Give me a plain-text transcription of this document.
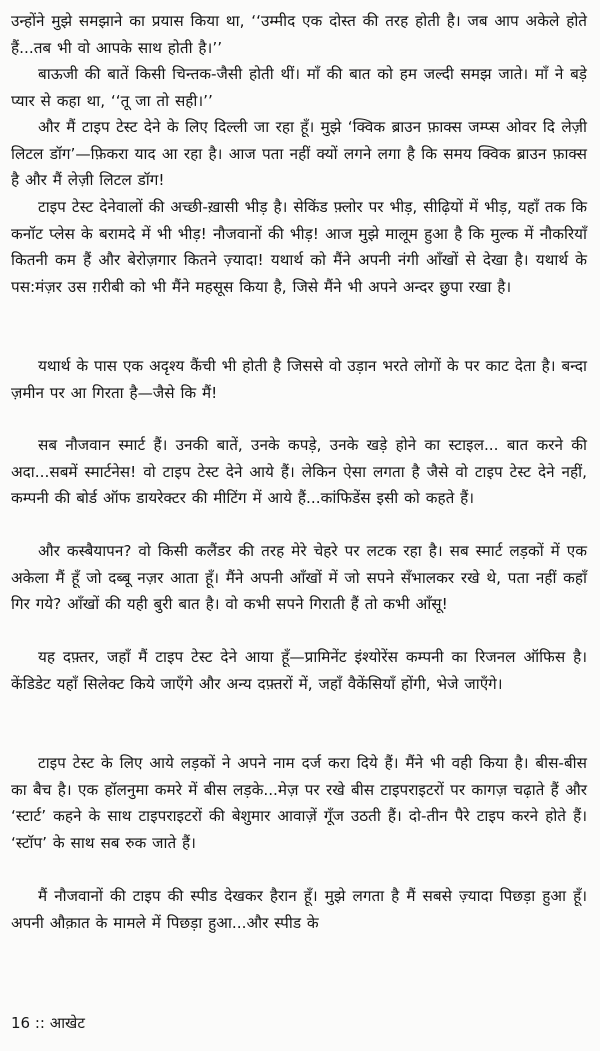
उन्होंने मुझे समझाने का प्रयास किया था, ‘‘उम्मीद एक दोस्त की तरह होती है। जब आप अकेले होते हैं...तब भी वो आपके साथ होती है।’’

बाऊजी की बातें किसी चिन्तक-जैसी होती थीं। माँ की बात को हम जल्दी समझ जाते। माँ ने बड़े प्यार से कहा था, ‘‘तू जा तो सही।’’

और मैं टाइप टेस्ट देने के लिए दिल्ली जा रहा हूँ। मुझे ‘क्विक ब्राउन फ़ाक्स जम्प्स ओवर दि लेज़ी लिटल डॉग’—फ़िकरा याद आ रहा है। आज पता नहीं क्यों लगने लगा है कि समय क्विक ब्राउन फ़ाक्स है और मैं लेज़ी लिटल डॉग!

टाइप टेस्ट देनेवालों की अच्छी-ख़ासी भीड़ है। सेकिंड फ़्लोर पर भीड़, सीढ़ियों में भीड़, यहाँ तक कि कनॉट प्लेस के बरामदे में भी भीड़! नौजवानों की भीड़! आज मुझे मालूम हुआ है कि मुल्क में नौकरियाँ कितनी कम हैं और बेरोज़गार कितने ज़्यादा! यथार्थ को मैंने अपनी नंगी आँखों से देखा है। यथार्थ के पस:मंज़र उस ग़रीबी को भी मैंने महसूस किया है, जिसे मैंने भी अपने अन्दर छुपा रखा है।

यथार्थ के पास एक अदृश्य कैंची भी होती है जिससे वो उड़ान भरते लोगों के पर काट देता है। बन्दा ज़मीन पर आ गिरता है—जैसे कि मैं!

सब नौजवान स्मार्ट हैं। उनकी बातें, उनके कपड़े, उनके खड़े होने का स्टाइल... बात करने की अदा...सबमें स्मार्टनेस! वो टाइप टेस्ट देने आये हैं। लेकिन ऐसा लगता है जैसे वो टाइप टेस्ट देने नहीं, कम्पनी की बोर्ड ऑफ डायरेक्टर की मीटिंग में आये हैं...कांफिडेंस इसी को कहते हैं।

और कस्बैयापन? वो किसी कलैंडर की तरह मेरे चेहरे पर लटक रहा है। सब स्मार्ट लड़कों में एक अकेला मैं हूँ जो दब्बू नज़र आता हूँ। मैंने अपनी आँखों में जो सपने सँभालकर रखे थे, पता नहीं कहाँ गिर गये? आँखों की यही बुरी बात है। वो कभी सपने गिराती हैं तो कभी आँसू!

यह दफ़्तर, जहाँ मैं टाइप टेस्ट देने आया हूँ—प्रामिनेंट इंश्योरेंस कम्पनी का रिजनल ऑफिस है। केंडिडेट यहाँ सिलेक्ट किये जाएँगे और अन्य दफ़्तरों में, जहाँ वैकेंसियाँ होंगी, भेजे जाएँगे।

टाइप टेस्ट के लिए आये लड़कों ने अपने नाम दर्ज करा दिये हैं। मैंने भी वही किया है। बीस-बीस का बैच है। एक हॉलनुमा कमरे में बीस लड़के...मेज़ पर रखे बीस टाइपराइटरों पर कागज़ चढ़ाते हैं और ‘स्टार्ट’ कहने के साथ टाइपराइटरों की बेशुमार आवाज़ें गूँज उठती हैं। दो-तीन पैरे टाइप करने होते हैं। ‘स्टॉप’ के साथ सब रुक जाते हैं।

मैं नौजवानों की टाइप की स्पीड देखकर हैरान हूँ। मुझे लगता है मैं सबसे ज़्यादा पिछड़ा हुआ हूँ। अपनी औक़ात के मामले में पिछड़ा हुआ...और स्पीड के

16 :: आखेट
